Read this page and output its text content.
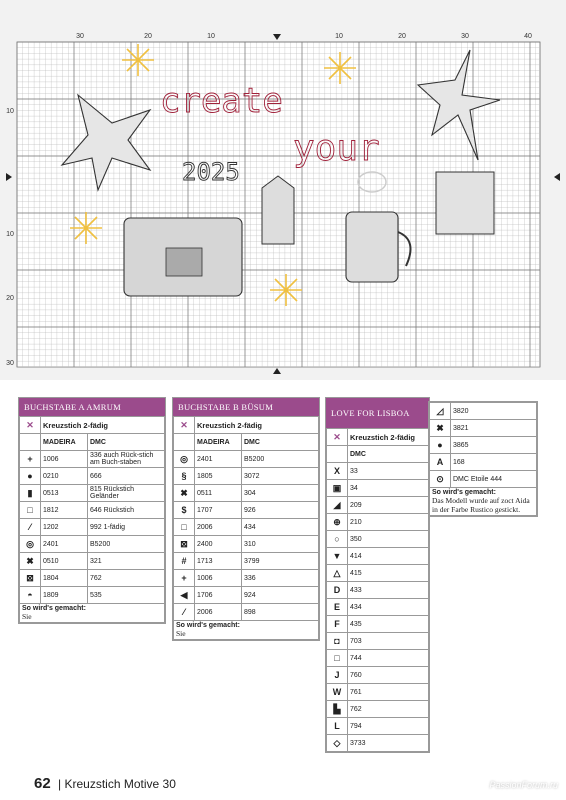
create
your
2025
30	20	10	10	20	30	40
10
10
20
30
BUCHSTABE A AMRUM
✕	Kreuzstich 2-fädig	
	MADEIRA	DMC
+	1006	336 auch Rück-stich am Buch-staben
●	0210	666
▮	0513	815 Rückstich Geländer
□	1812	646 Rückstich
⁄	1202	992 1-fädig
◎	2401	B5200
✖	0510	321
⊠	1804	762
◓	1809	535

So wird's gemacht:
Sie		
BUCHSTABE B BÜSUM
✕	Kreuzstich 2-fädig	
	MADEIRA	DMC
◎	2401	B5200
§	1805	3072
✖	0511	304
$	1707	926
□	2006	434
⊠	2400	310
#	1713	3799
+	1006	336
◀	1706	924
⁄	2006	898

So wird's gemacht:
Sie		
LOVE FOR LISBOA
✕	Kreuzstich 2-fädig
	DMC
X	33
▣	34
◢	209
⊕	210
○	350
▼	414
△	415
D	433
E	434
F	435
◘	703
□	744
J	760
W	761
▙	762
L	794
◇	3733
◿	3820
✖	3821
●	3865
A	168
⊙	DMC Etoile 444

So wird's gemacht:
Das Modell wurde auf zoct Aida in der Farbe Rustico gestickt.	
62 | Kreuzstich Motive 30	PassionForum.ru
